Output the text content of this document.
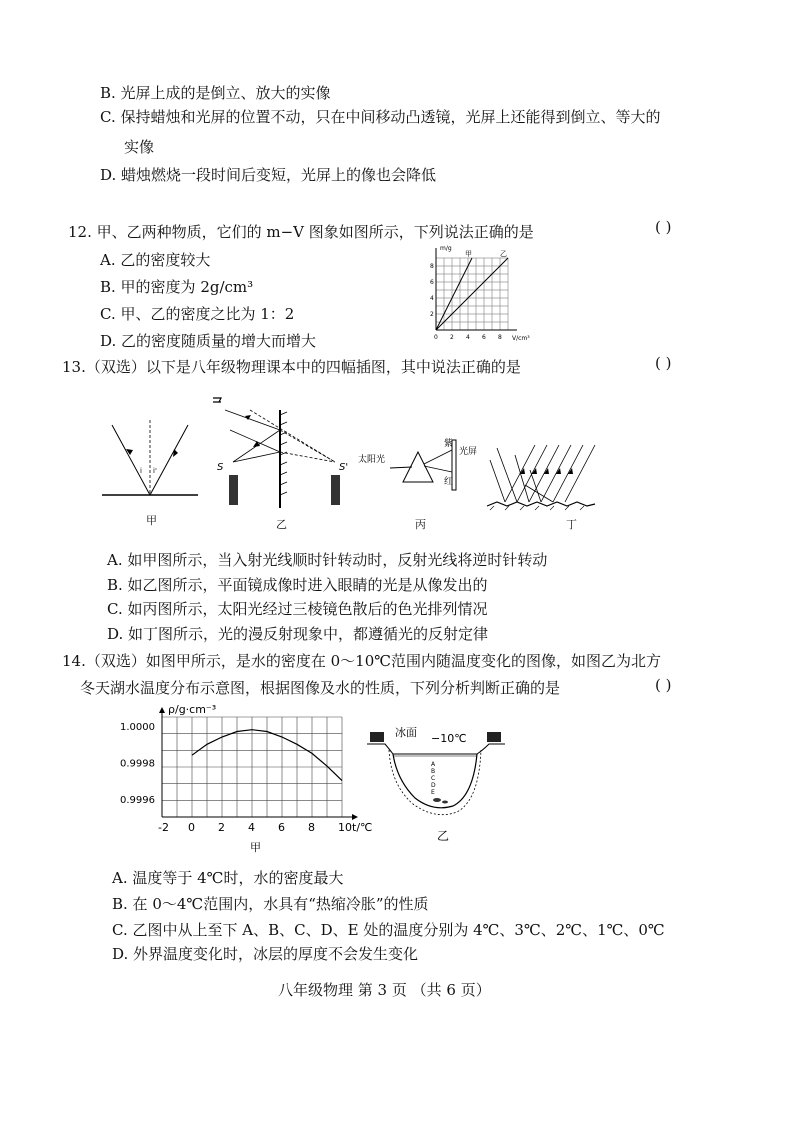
B. 光屏上成的是倒立、放大的实像
C. 保持蜡烛和光屏的位置不动，只在中间移动凸透镜，光屏上还能得到倒立、等大的
实像
D. 蜡烛燃烧一段时间后变短，光屏上的像也会降低
12. 甲、乙两种物质，它们的 m−V 图象如图所示，下列说法正确的是	( )
A. 乙的密度较大
B. 甲的密度为 2g/cm³
C. 甲、乙的密度之比为 1：2
D. 乙的密度随质量的增大而增大
m/g
V/cm³
甲	乙
2
4
6
8
0 2 4 6 8
13.（双选）以下是八年级物理课本中的四幅插图，其中说法正确的是	( )
i i'
甲
S	S'
乙
太阳光
紫
红
光屏
丙	丁
A. 如甲图所示，当入射光线顺时针转动时，反射光线将逆时针转动
B. 如乙图所示，平面镜成像时进入眼睛的光是从像发出的
C. 如丙图所示，太阳光经过三棱镜色散后的色光排列情况
D. 如丁图所示，光的漫反射现象中，都遵循光的反射定律
14.（双选）如图甲所示，是水的密度在 0～10℃范围内随温度变化的图像，如图乙为北方
冬天湖水温度分布示意图，根据图像及水的性质，下列分析判断正确的是	( )
ρ/g·cm⁻³
t/℃
-2 0 2 4 6 8 10
1.0000
0.9998
0.9996
甲
冰面 −10℃
A
B
C
D
E
乙
A. 温度等于 4℃时，水的密度最大
B. 在 0～4℃范围内，水具有“热缩冷胀”的性质
C. 乙图中从上至下 A、B、C、D、E 处的温度分别为 4℃、3℃、2℃、1℃、0℃
D. 外界温度变化时，冰层的厚度不会发生变化
八年级物理 第 3 页 （共 6 页）
